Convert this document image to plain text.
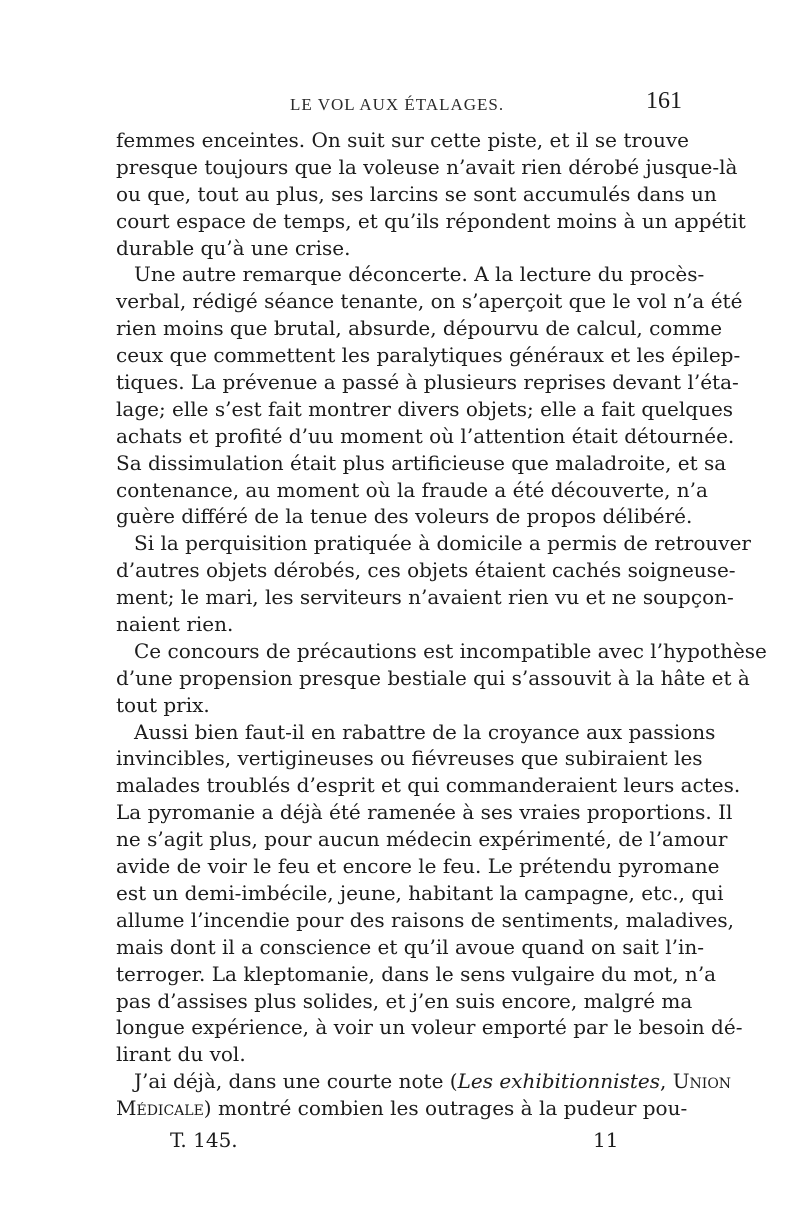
LE VOL AUX ÉTALAGES.	161
femmes enceintes. On suit sur cette piste, et il se trouve
presque toujours que la voleuse n’avait rien dérobé jusque-là
ou que, tout au plus, ses larcins se sont accumulés dans un
court espace de temps, et qu’ils répondent moins à un appétit
durable qu’à une crise.
Une autre remarque déconcerte. A la lecture du procès-
verbal, rédigé séance tenante, on s’aperçoit que le vol n’a été
rien moins que brutal, absurde, dépourvu de calcul, comme
ceux que commettent les paralytiques généraux et les épilep-
tiques. La prévenue a passé à plusieurs reprises devant l’éta-
lage; elle s’est fait montrer divers objets; elle a fait quelques
achats et profité d’uu moment où l’attention était détournée.
Sa dissimulation était plus artificieuse que maladroite, et sa
contenance, au moment où la fraude a été découverte, n’a
guère différé de la tenue des voleurs de propos délibéré.
Si la perquisition pratiquée à domicile a permis de retrouver
d’autres objets dérobés, ces objets étaient cachés soigneuse-
ment; le mari, les serviteurs n’avaient rien vu et ne soupçon-
naient rien.
Ce concours de précautions est incompatible avec l’hypothèse
d’une propension presque bestiale qui s’assouvit à la hâte et à
tout prix.
Aussi bien faut-il en rabattre de la croyance aux passions
invincibles, vertigineuses ou fiévreuses que subiraient les
malades troublés d’esprit et qui commanderaient leurs actes.
La pyromanie a déjà été ramenée à ses vraies proportions. Il
ne s’agit plus, pour aucun médecin expérimenté, de l’amour
avide de voir le feu et encore le feu. Le prétendu pyromane
est un demi-imbécile, jeune, habitant la campagne, etc., qui
allume l’incendie pour des raisons de sentiments, maladives,
mais dont il a conscience et qu’il avoue quand on sait l’in-
terroger. La kleptomanie, dans le sens vulgaire du mot, n’a
pas d’assises plus solides, et j’en suis encore, malgré ma
longue expérience, à voir un voleur emporté par le besoin dé-
lirant du vol.
J’ai déjà, dans une courte note (Les exhibitionnistes, Union
Médicale) montré combien les outrages à la pudeur pou-
T. 145.	11
